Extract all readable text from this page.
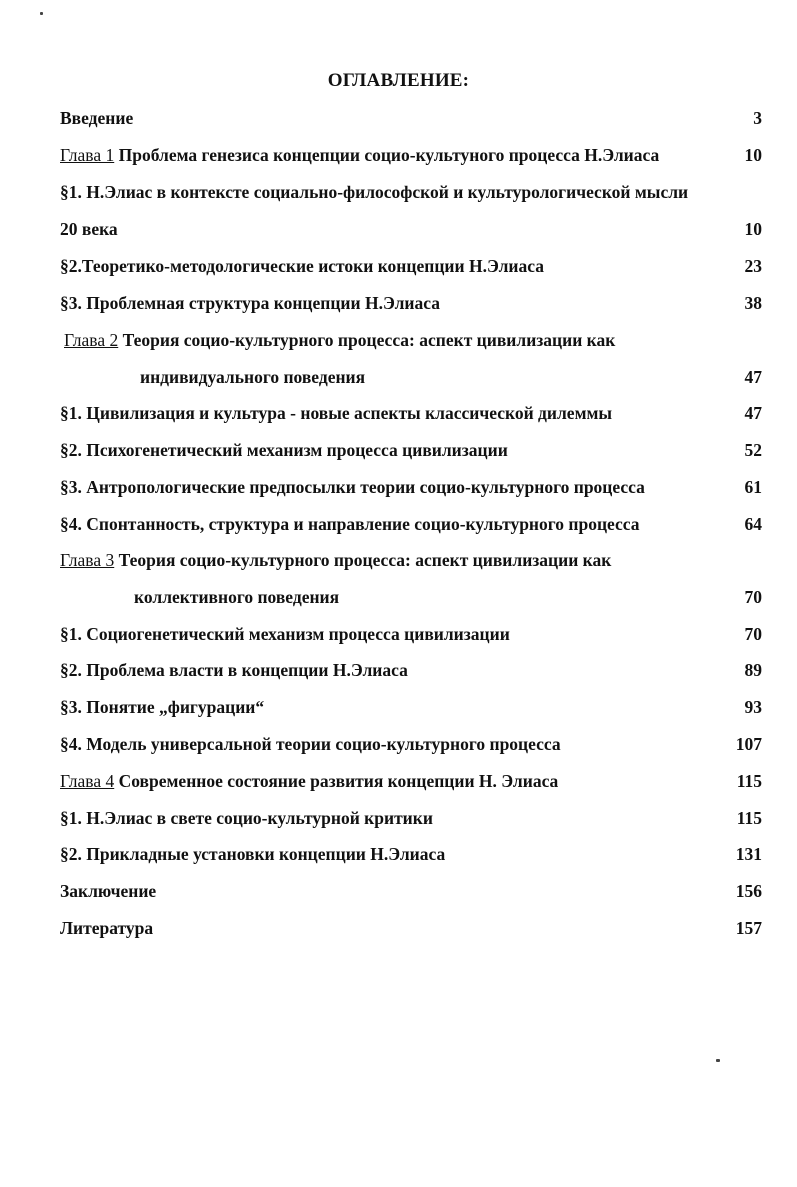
ОГЛАВЛЕНИЕ:
Введение	3
Глава 1 Проблема генезиса концепции социо-культуного процесса Н.Элиаса	10
§1. Н.Элиас в контексте социально-философской и культурологической мысли
20 века	10
§2.Теоретико-методологические истоки концепции Н.Элиаса	23
§3. Проблемная структура концепции Н.Элиаса	38
Глава 2 Теория социо-культурного процесса: аспект цивилизации как
индивидуального поведения	47
§1. Цивилизация и культура - новые аспекты классической дилеммы	47
§2. Психогенетический механизм процесса цивилизации	52
§3. Антропологические предпосылки теории социо-культурного процесса	61
§4. Спонтанность, структура и направление социо-культурного процесса	64
Глава 3 Теория социо-культурного процесса: аспект цивилизации как
коллективного поведения	70
§1. Социогенетический механизм процесса цивилизации	70
§2. Проблема власти в концепции Н.Элиаса	89
§3. Понятие „фигурации“	93
§4. Модель универсальной теории социо-культурного процесса	107
Глава 4 Современное состояние развития концепции Н. Элиаса	115
§1. Н.Элиас в свете социо-культурной критики	115
§2. Прикладные установки концепции Н.Элиаса	131
Заключение	156
Литература	157
